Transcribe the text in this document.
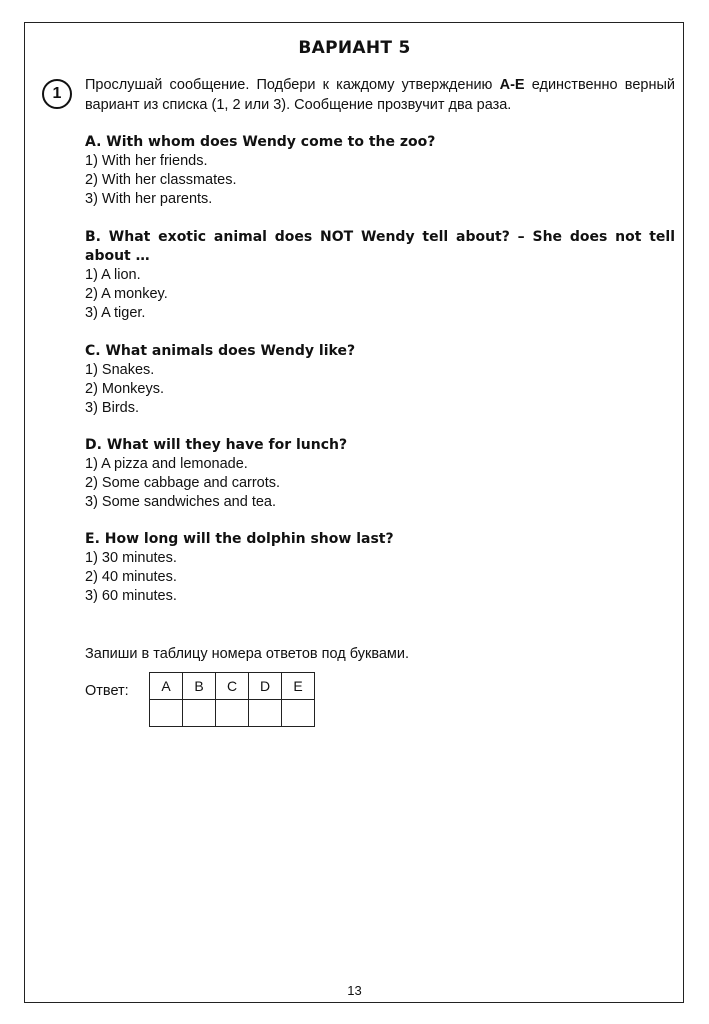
ВАРИАНТ 5
1	Прослушай сообщение. Подбери к каждому утверждению A-E единственно верный вариант из списка (1, 2 или 3). Сообщение прозвучит два раза.
A. With whom does Wendy come to the zoo?
1) With her friends.
2) With her classmates.
3) With her parents.
B. What exotic animal does NOT Wendy tell about? – She does not tell about …
1) A lion.
2) A monkey.
3) A tiger.
C. What animals does Wendy like?
1) Snakes.
2) Monkeys.
3) Birds.
D. What will they have for lunch?
1) A pizza and lemonade.
2) Some cabbage and carrots.
3) Some sandwiches and tea.
E. How long will the dolphin show last?
1) 30 minutes.
2) 40 minutes.
3) 60 minutes.
Запиши в таблицу номера ответов под буквами.
Ответ: A	B	C	D	E

13
